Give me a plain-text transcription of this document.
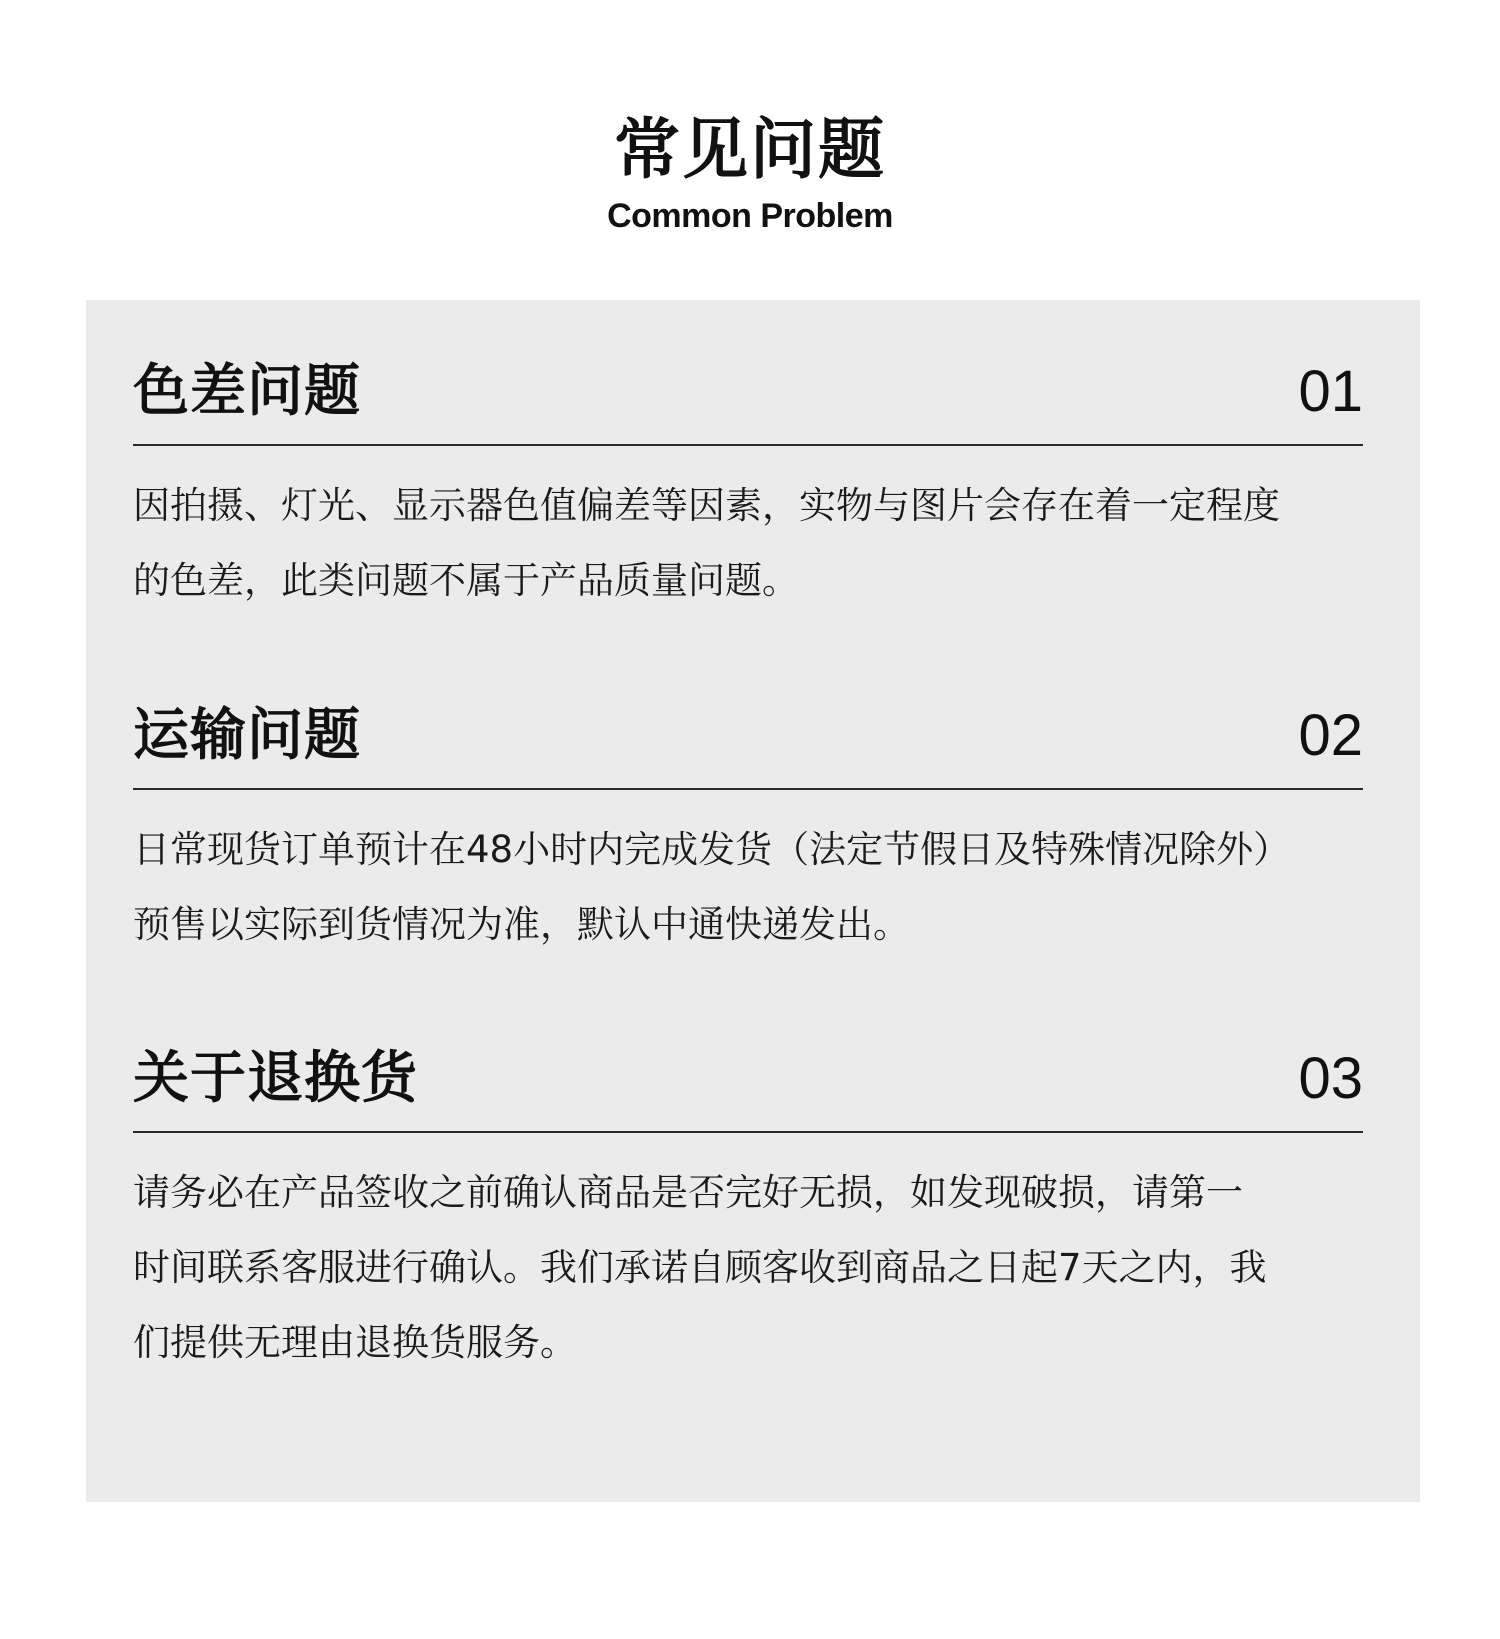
常见问题
Common Problem
色差问题	01
因拍摄、灯光、显示器色值偏差等因素，实物与图片会存在着一定程度
的色差，此类问题不属于产品质量问题。
运输问题	02
日常现货订单预计在48小时内完成发货（法定节假日及特殊情况除外）
预售以实际到货情况为准，默认中通快递发出。
关于退换货	03
请务必在产品签收之前确认商品是否完好无损，如发现破损，请第一
时间联系客服进行确认。我们承诺自顾客收到商品之日起7天之内，我
们提供无理由退换货服务。
